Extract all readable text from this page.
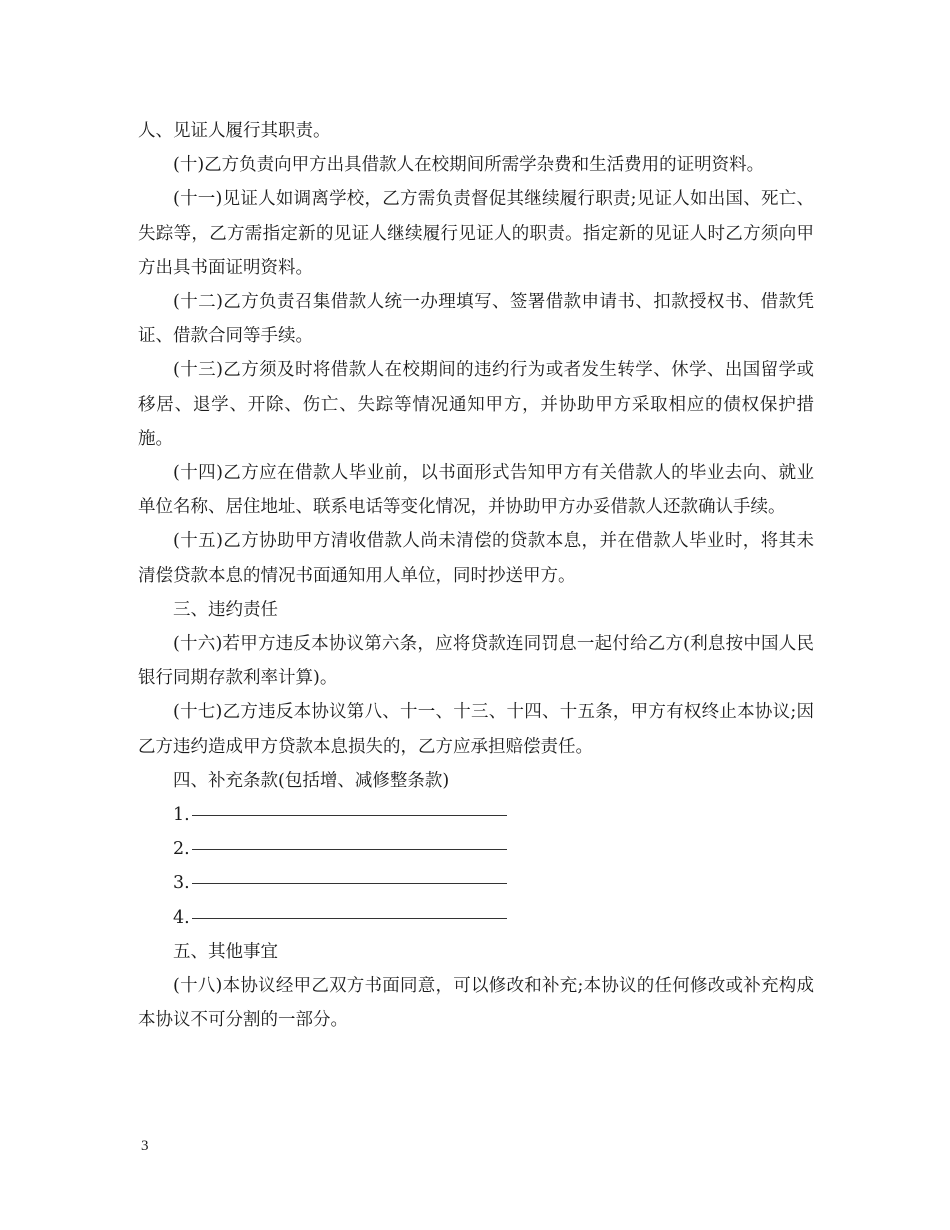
人、见证人履行其职责。

(十)乙方负责向甲方出具借款人在校期间所需学杂费和生活费用的证明资料。

(十一)见证人如调离学校，乙方需负责督促其继续履行职责;见证人如出国、死亡、失踪等，乙方需指定新的见证人继续履行见证人的职责。指定新的见证人时乙方须向甲方出具书面证明资料。

(十二)乙方负责召集借款人统一办理填写、签署借款申请书、扣款授权书、借款凭证、借款合同等手续。

(十三)乙方须及时将借款人在校期间的违约行为或者发生转学、休学、出国留学或移居、退学、开除、伤亡、失踪等情况通知甲方，并协助甲方采取相应的债权保护措施。

(十四)乙方应在借款人毕业前，以书面形式告知甲方有关借款人的毕业去向、就业单位名称、居住地址、联系电话等变化情况，并协助甲方办妥借款人还款确认手续。

(十五)乙方协助甲方清收借款人尚未清偿的贷款本息，并在借款人毕业时，将其未清偿贷款本息的情况书面通知用人单位，同时抄送甲方。

三、违约责任

(十六)若甲方违反本协议第六条，应将贷款连同罚息一起付给乙方(利息按中国人民银行同期存款利率计算)。

(十七)乙方违反本协议第八、十一、十三、十四、十五条，甲方有权终止本协议;因乙方违约造成甲方贷款本息损失的，乙方应承担赔偿责任。

四、补充条款(包括增、减修整条款)

1.
2.
3.
4.

五、其他事宜

(十八)本协议经甲乙双方书面同意，可以修改和补充;本协议的任何修改或补充构成本协议不可分割的一部分。

3
